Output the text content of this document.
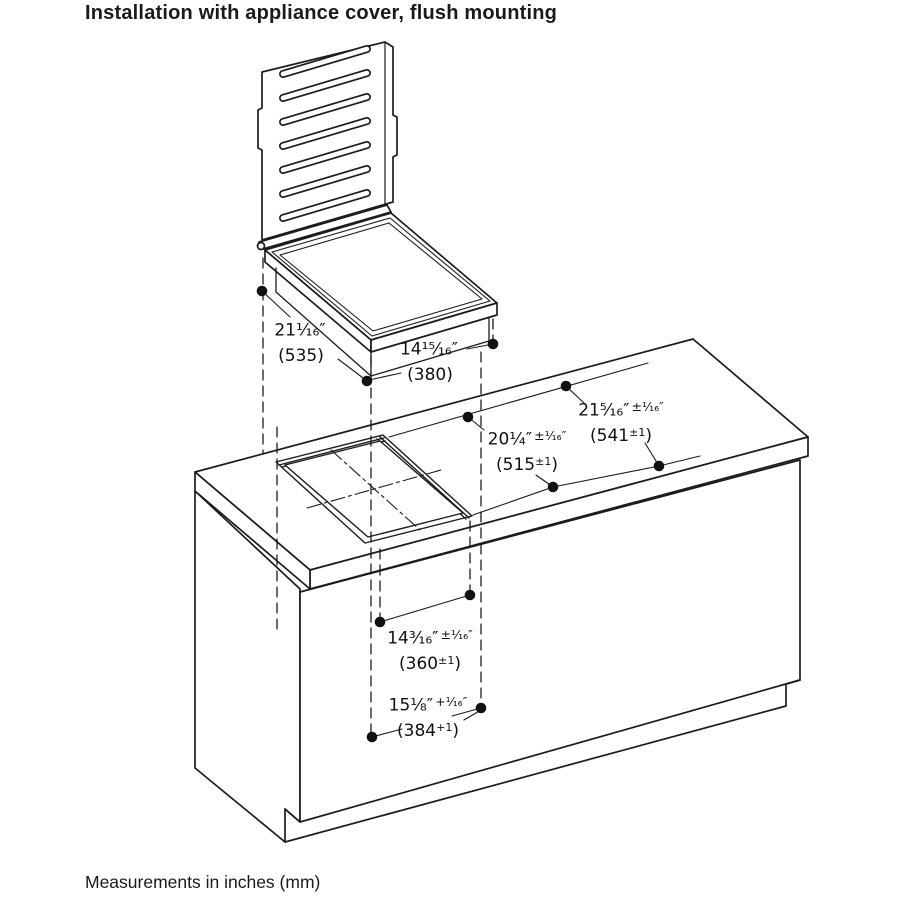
Installation with appliance cover, flush mounting
21¹⁄₁₆″
(535)	14¹⁵⁄₁₆″
(380)
21⁵⁄₁₆″ $^{\pm^1⁄_{16}''}$
$(541^{\pm 1})$
20¼″ $^{\pm^1⁄_{16}''}$
$(515^{\pm 1})$
14³⁄₁₆″ $^{\pm^1⁄_{16}''}$
$(360^{\pm 1})$
15⅛″ $^{+^1⁄_{16}''}$
$(384^{+1})$
Measurements in inches (mm)
